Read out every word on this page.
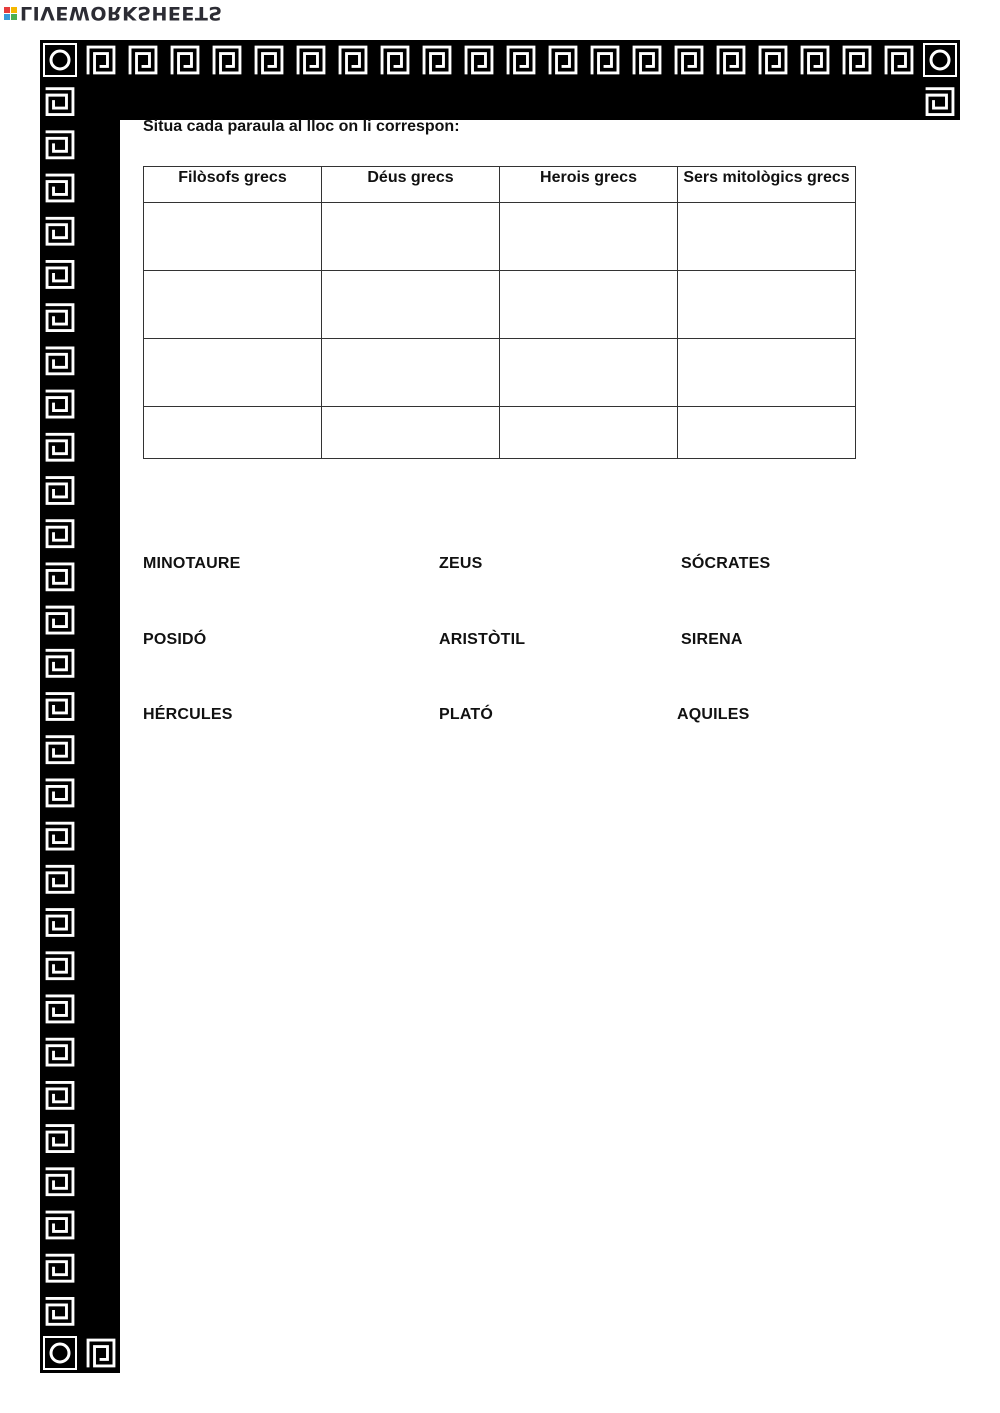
LIVEWORKSHEETS

Situa cada paraula al lloc on li correspon:

Filòsofs grecs	Déus grecs	Herois grecs	Sers mitològics grecs

MINOTAURE	ZEUS	SÓCRATES
POSIDÓ	ARISTÒTIL	SIRENA
HÉRCULES	PLATÓ	AQUILES
